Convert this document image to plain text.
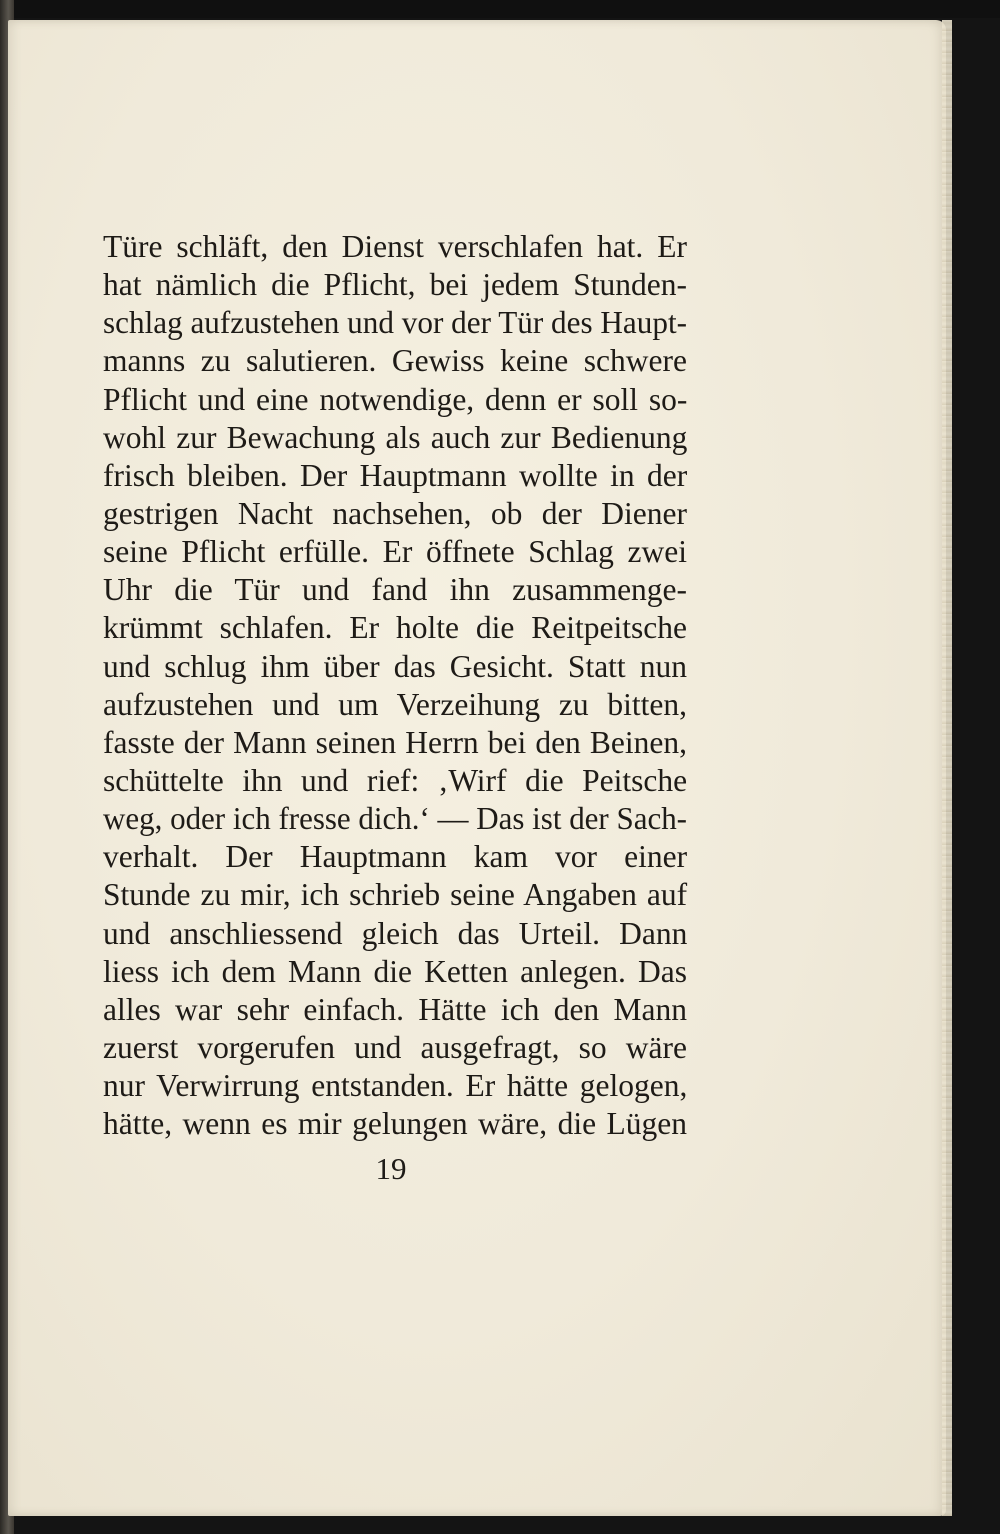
Türe schläft, den Dienst verschlafen hat. Er
hat nämlich die Pflicht, bei jedem Stunden-
schlag aufzustehen und vor der Tür des Haupt-
manns zu salutieren. Gewiss keine schwere
Pflicht und eine notwendige, denn er soll so-
wohl zur Bewachung als auch zur Bedienung
frisch bleiben. Der Hauptmann wollte in der
gestrigen Nacht nachsehen, ob der Diener
seine Pflicht erfülle. Er öffnete Schlag zwei
Uhr die Tür und fand ihn zusammenge-
krümmt schlafen. Er holte die Reitpeitsche
und schlug ihm über das Gesicht. Statt nun
aufzustehen und um Verzeihung zu bitten,
fasste der Mann seinen Herrn bei den Beinen,
schüttelte ihn und rief: ‚Wirf die Peitsche
weg, oder ich fresse dich.‘ — Das ist der Sach-
verhalt. Der Hauptmann kam vor einer
Stunde zu mir, ich schrieb seine Angaben auf
und anschliessend gleich das Urteil. Dann
liess ich dem Mann die Ketten anlegen. Das
alles war sehr einfach. Hätte ich den Mann
zuerst vorgerufen und ausgefragt, so wäre
nur Verwirrung entstanden. Er hätte gelogen,
hätte, wenn es mir gelungen wäre, die Lügen
19
